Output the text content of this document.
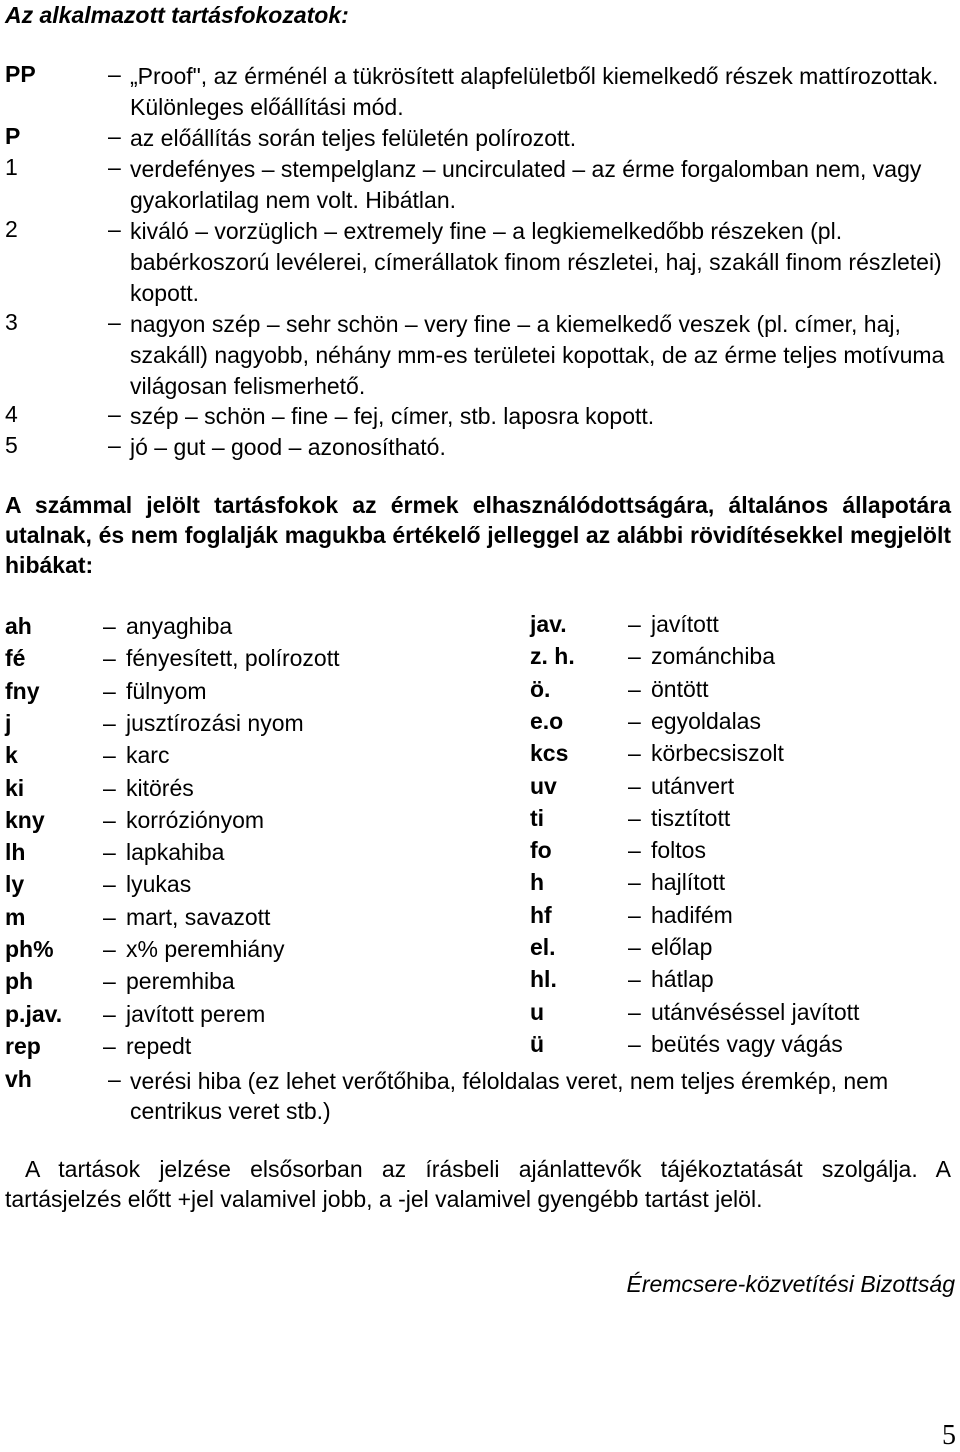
Az alkalmazott tartásfokozatok:
PP	– „Proof", az érménél a tükrösített alapfelületből kiemelkedő részek mattírozottak. Különleges előállítási mód.
P	– az előállítás során teljes felületén polírozott.
1	– verdefényes – stempelglanz – uncirculated – az érme forgalomban nem, vagy gyakorlatilag nem volt. Hibátlan.
2	– kiváló – vorzüglich – extremely fine – a legkiemelkedőbb részeken (pl. babérkoszorú levélerei, címerállatok finom részletei, haj, szakáll finom részletei) kopott.
3	– nagyon szép – sehr schön – very fine – a kiemelkedő veszek (pl. címer, haj, szakáll) nagyobb, néhány mm-es területei kopottak, de az érme teljes motívuma világosan felismerhető.
4	– szép – schön – fine – fej, címer, stb. laposra kopott.
5	– jó – gut – good – azonosítható.
A számmal jelölt tartásfokok az érmek elhasználódottságára, általános állapotára utalnak, és nem foglalják magukba értékelő jelleggel az alábbi rövidítésekkel megjelölt hibákat:
ah	– anyaghiba
fé	– fényesített, polírozott
fny	– fülnyom
j	– jusztírozási nyom
k	– karc
ki	– kitörés
kny	– korróziónyom
lh	– lapkahiba
ly	– lyukas
m	– mart, savazott
ph% – x% peremhiány
ph	– peremhiba
p.jav. – javított perem
rep	– repedt
jav.	– javított
z. h. – zománchiba
ö.	– öntött
e.o	– egyoldalas
kcs	– körbecsiszolt
uv	– utánvert
ti	– tisztított
fo	– foltos
h	– hajlított
hf	– hadifém
el.	– előlap
hl.	– hátlap
u	– utánvéséssel javított
ü	– beütés vagy vágás
vh	– verési hiba (ez lehet verőtőhiba, féloldalas veret, nem teljes éremkép, nem centrikus veret stb.)
A tartások jelzése elsősorban az írásbeli ajánlattevők tájékoztatását szolgálja. A tartásjelzés előtt +jel valamivel jobb, a -jel valamivel gyengébb tartást jelöl.
Éremcsere-közvetítési Bizottság
5
